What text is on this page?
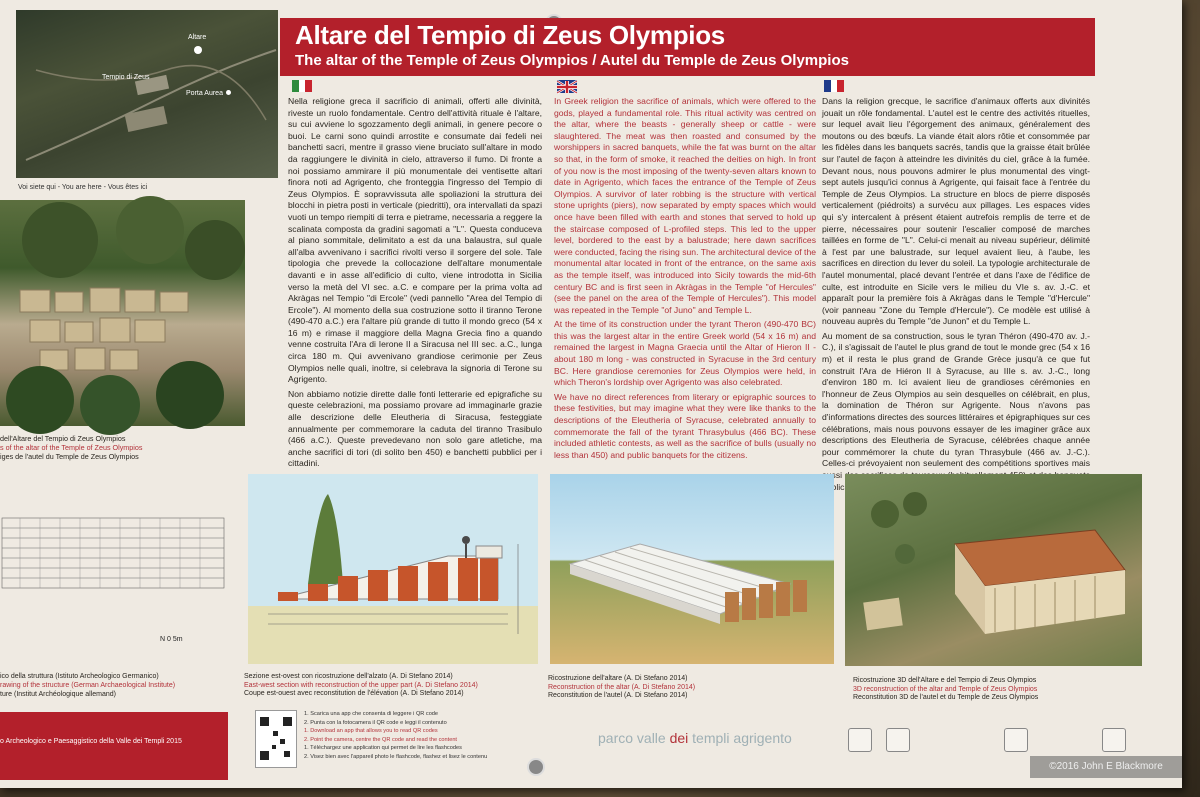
Altare del Tempio di Zeus Olympios
The altar of the Temple of Zeus Olympios / Autel du Temple de Zeus Olympios
Altare
Tempio di Zeus
Porta Aurea
Voi siete qui - You are here - Vous êtes ici
dell'Altare del Tempio di Zeus Olympios
s of the altar of the Temple of Zeus Olympios
iges de l'autel du Temple de Zeus Olympios
N 0 5m
ico della struttura (Istituto Archeologico Germanico)
rawing of the structure (German Archaeological Institute)
ture (Institut Archéologique allemand)
o Archeologico e Paesaggistico della Valle dei Templi 2015

Nella religione greca il sacrificio di animali, offerti alle divinità, riveste un ruolo fondamentale. Centro dell'attività rituale è l'altare, su cui avviene lo sgozzamento degli animali, in genere pecore o buoi. Le carni sono quindi arrostite e consumate dai fedeli nei banchetti sacri, mentre il grasso viene bruciato sull'altare in modo da raggiungere le divinità in cielo, attraverso il fumo. Di fronte a noi possiamo ammirare il più monumentale dei ventisette altari finora noti ad Agrigento, che fronteggia l'ingresso del Tempio di Zeus Olympios. È sopravvissuta alle spoliazioni la struttura dei blocchi in pietra posti in verticale (piedritti), ora intervallati da spazi vuoti un tempo riempiti di terra e pietrame, necessaria a reggere la scalinata composta da gradini sagomati a "L". Questa conduceva al piano sommitale, delimitato a est da una balaustra, sul quale all'alba avvenivano i sacrifici rivolti verso il sorgere del sole. Tale tipologia che prevede la collocazione dell'altare monumentale davanti e in asse all'edificio di culto, viene introdotta in Sicilia verso la metà del VI sec. a.C. e compare per la prima volta ad Akràgas nel Tempio "di Ercole" (vedi pannello "Area del Tempio di Ercole"). Al momento della sua costruzione sotto il tiranno Terone (490-470 a.C.) era l'altare più grande di tutto il mondo greco (54 x 16 m) e rimase il maggiore della Magna Grecia fino a quando venne costruita l'Ara di Ierone II a Siracusa nel III sec. a.C., lunga circa 180 m. Qui avvenivano grandiose cerimonie per Zeus Olympios nelle quali, inoltre, si celebrava la signoria di Terone su Agrigento.

Non abbiamo notizie dirette dalle fonti letterarie ed epigrafiche su queste celebrazioni, ma possiamo provare ad immaginarle grazie alle descrizione delle Eleutheria di Siracusa, festeggiate annualmente per commemorare la caduta del tiranno Trasibulo (466 a.C.). Queste prevedevano non solo gare atletiche, ma anche sacrifici di tori (di solito ben 450) e banchetti pubblici per i cittadini.

In Greek religion the sacrifice of animals, which were offered to the gods, played a fundamental role. This ritual activity was centred on the altar, where the beasts - generally sheep or cattle - were slaughtered. The meat was then roasted and consumed by the worshippers in sacred banquets, while the fat was burnt on the altar so that, in the form of smoke, it reached the deities on high. In front of you now is the most imposing of the twenty-seven altars known to date in Agrigento, which faces the entrance of the Temple of Zeus Olympios. A survivor of later robbing is the structure with vertical stone uprights (piers), now separated by empty spaces which would once have been filled with earth and stones that served to hold up the staircase composed of L-profiled steps. This led to the upper level, bordered to the east by a balustrade; here dawn sacrifices were conducted, facing the rising sun. The architectural device of the monumental altar located in front of the entrance, on the same axis as the temple itself, was introduced into Sicily towards the mid-6th century BC and is first seen in Akràgas in the Temple "of Hercules" (see the panel on the area of the Temple of Hercules"). This model was repeated in the Temple "of Juno" and Temple L.

At the time of its construction under the tyrant Theron (490-470 BC) this was the largest altar in the entire Greek world (54 x 16 m) and remained the largest in Magna Graecia until the Altar of Hieron II - about 180 m long - was constructed in Syracuse in the 3rd century BC. Here grandiose ceremonies for Zeus Olympios were held, in which Theron's lordship over Agrigento was also celebrated.

We have no direct references from literary or epigraphic sources to these festivities, but may imagine what they were like thanks to the descriptions of the Eleutheria of Syracuse, celebrated annually to commemorate the fall of the tyrant Thrasybulus (466 BC). These included athletic contests, as well as the sacrifice of bulls (usually no less than 450) and public banquets for the citizens.

Dans la religion grecque, le sacrifice d'animaux offerts aux divinités jouait un rôle fondamental. L'autel est le centre des activités rituelles, sur lequel avait lieu l'égorgement des animaux, généralement des moutons ou des bœufs. La viande était alors rôtie et consommée par les fidèles dans les banquets sacrés, tandis que la graisse était brûlée sur l'autel de façon à atteindre les divinités du ciel, grâce à la fumée. Devant nous, nous pouvons admirer le plus monumental des vingt-sept autels jusqu'ici connus à Agrigente, qui faisait face à l'entrée du Temple de Zeus Olympios. La structure en blocs de pierre disposés verticalement (piédroits) a survécu aux pillages. Les espaces vides qui s'y intercalent à présent étaient autrefois remplis de terre et de pierre, nécessaires pour soutenir l'escalier composé de marches taillées en forme de "L". Celui-ci menait au niveau supérieur, délimité à l'est par une balustrade, sur lequel avaient lieu, à l'aube, les sacrifices en direction du lever du soleil. La typologie architecturale de l'autel monumental, placé devant l'entrée et dans l'axe de l'édifice de culte, est introduite en Sicile vers le milieu du VIe s. av. J.-C. et apparaît pour la première fois à Akràgas dans le Temple "d'Hercule" (voir panneau "Zone du Temple d'Hercule"). Ce modèle est utilisé à nouveau auprès du Temple "de Junon" et du Temple L.

Au moment de sa construction, sous le tyran Théron (490-470 av. J.-C.), il s'agissait de l'autel le plus grand de tout le monde grec (54 x 16 m) et il resta le plus grand de Grande Grèce jusqu'à ce que fut construit l'Ara de Hiéron II à Syracuse, au IIIe s. av. J.-C., long d'environ 180 m. Ici avaient lieu de grandioses cérémonies en l'honneur de Zeus Olympios au sein desquelles on célébrait, en plus, la domination de Théron sur Agrigente. Nous n'avons pas d'informations directes des sources littéraires et épigraphiques sur ces célébrations, mais nous pouvons essayer de les imaginer grâce aux descriptions des Eleutheria de Syracuse, célébrées chaque année pour commémorer la chute du tyran Thrasybule (466 av. J.-C.). Celles-ci prévoyaient non seulement des compétitions sportives mais publics

Sezione est-ovest con ricostruzione dell'alzato (A. Di Stefano 2014)
East-west section with reconstruction of the upper part (A. Di Stefano 2014)
Coupe est-ouest avec reconstitution de l'élévation (A. Di Stefano 2014)
Ricostruzione dell'altare (A. Di Stefano 2014)
Reconstruction of the altar (A. Di Stefano 2014)
Reconstitution de l'autel (A. Di Stefano 2014)
Ricostruzione 3D dell'Altare e del Tempio di Zeus Olympios
3D reconstruction of the altar and Temple of Zeus Olympios
Reconstitution 3D de l'autel et du Temple de Zeus Olympios
1. Scarica una app che consenta di leggere i QR code
2. Punta con la fotocamera il QR code e leggi il contenuto
1. Download an app that allows you to read QR codes
2. Point the camera, centre the QR code and read the content
1. Téléchargez une application qui permet de lire les flashcodes
2. Visez bien avec l'appareil photo le flashcode, flashez et lisez le contenu
parco valle dei templi agrigento
©2016 John E Blackmore
